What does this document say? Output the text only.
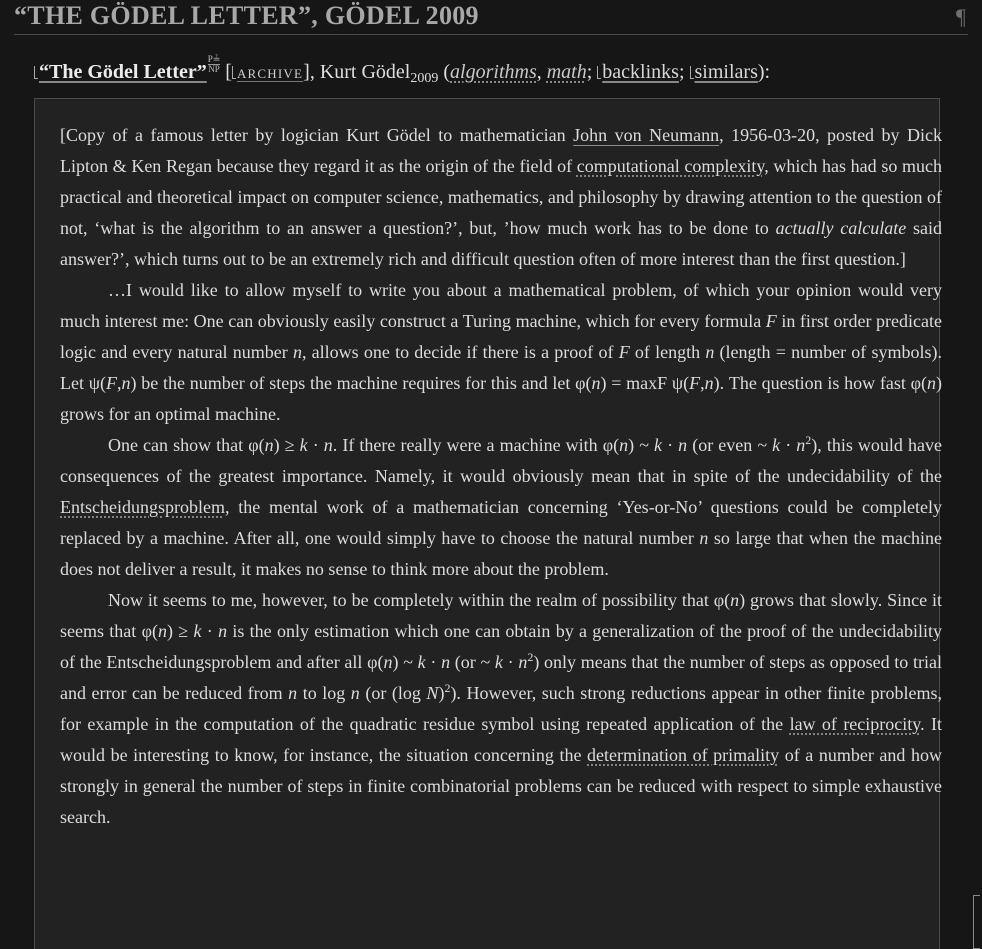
“THE GÖDEL LETTER”, GÖDEL 2009	¶
“The Gödel Letter” $\frac{P≟}{NP}$ [ archive], Kurt Gödel$_{2009}$ (algorithms, math; backlinks; similars):

[Copy of a famous letter by logician Kurt Gödel to mathematician John von Neumann, 1956-03-20, posted by Dick Lipton & Ken Regan because they regard it as the origin of the field of computational complexity, which has had so much practical and theoretical impact on computer science, mathematics, and philosophy by drawing attention to the question of not, ‘what is the algorithm to an answer a question?’, but, ’how much work has to be done to actually calculate said answer?’, which turns out to be an extremely rich and difficult question often of more interest than the first question.]

…I would like to allow myself to write you about a mathematical problem, of which your opinion would very much interest me: One can obviously easily construct a Turing machine, which for every formula F in first order predicate logic and every natural number n, allows one to decide if there is a proof of F of length n (length = number of symbols). Let ψ(F,n) be the number of steps the machine requires for this and let φ(n) = maxF ψ(F,n). The question is how fast φ(n) grows for an optimal machine.

One can show that φ(n) ≥ k · n. If there really were a machine with φ(n) ~ k · n (or even ~ $k \cdot n^2$), this would have consequences of the greatest importance. Namely, it would obviously mean that in spite of the undecidability of the Entscheidungsproblem, the mental work of a mathematician concerning ‘Yes-or-No’ questions could be completely replaced by a machine. After all, one would simply have to choose the natural number n so large that when the machine does not deliver a result, it makes no sense to think more about the problem.

Now it seems to me, however, to be completely within the realm of possibility that φ(n) grows that slowly. Since it seems that φ(n) ≥ k · n is the only estimation which one can obtain by a generalization of the proof of the undecidability of the Entscheidungsproblem and after all φ(n) ~ k · n (or ~ $k \cdot n^2$) only means that the number of steps as opposed to trial and error can be reduced from n to log n (or (log N)$^2$). However, such strong reductions appear in other finite problems, for example in the computation of the quadratic residue symbol using repeated application of the law of reciprocity. It would be interesting to know, for instance, the situation concerning the determination of primality of a number and how strongly in general the number of steps in finite combinatorial problems can be reduced with respect to simple exhaustive search.
